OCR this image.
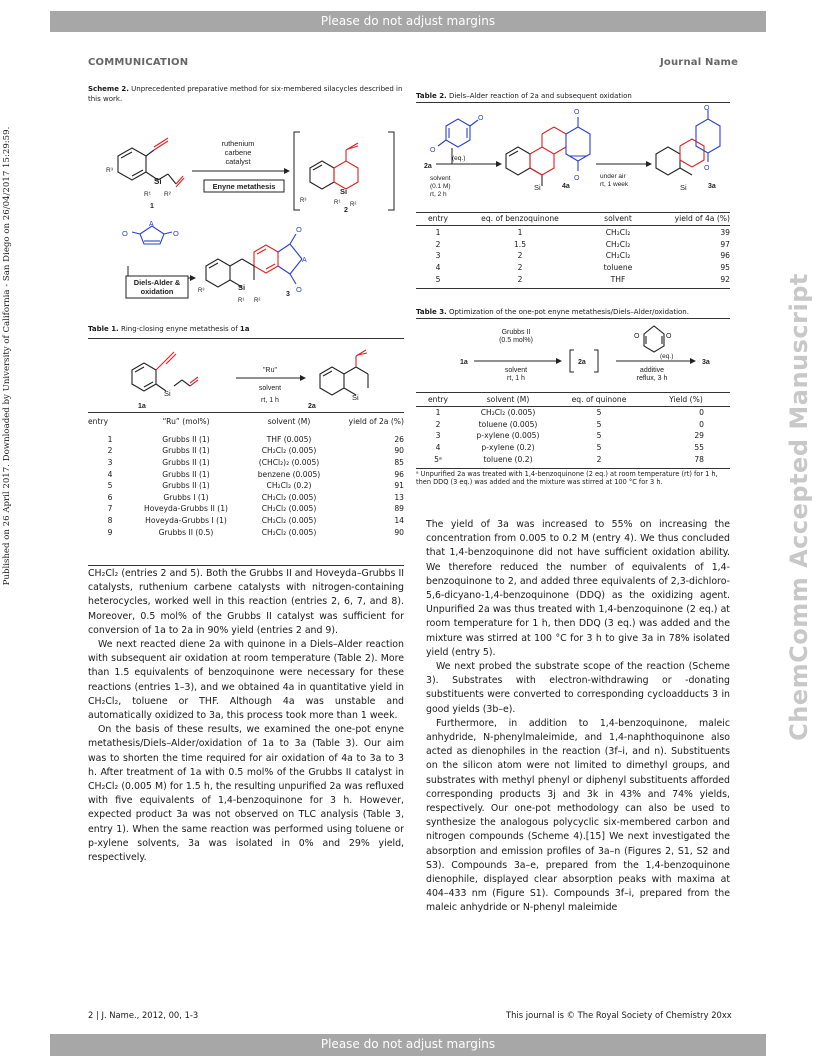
Please do not adjust margins
Please do not adjust margins
COMMUNICATION	Journal Name
Published on 26 April 2017. Downloaded by University of California - San Diego on 26/04/2017 15:29:59.	ChemComm Accepted Manuscript
Scheme 2. Unprecedented preparative method for six-membered silacycles described in this work.
Si
R³
R¹ R²
1
ruthenium
carbene
catalyst
Enyne metathesis
Si
R³	R¹ R²
2
O	O
A
Diels-Alder &
oxidation
O
O
A
Si
R³
R¹ R²
3
Table 1. Ring-closing enyne metathesis of 1a
Si
1a
"Ru"
solvent
rt, 1 h	Si
2a
entry	“Ru” (mol%)	solvent (M)	yield of 2a (%)

1	Grubbs II (1)	THF (0.005)	26
2	Grubbs II (1)	CH₂Cl₂ (0.005)	90
3	Grubbs II (1)	(CHCl₂)₂ (0.005)	85
4	Grubbs II (1)	benzene (0.005)	96
5	Grubbs II (1)	CH₂Cl₂ (0.2)	91
6	Grubbs I (1)	CH₂Cl₂ (0.005)	13
7	Hoveyda-Grubbs II (1)	CH₂Cl₂ (0.005)	89
8	Hoveyda-Grubbs I (1)	CH₂Cl₂ (0.005)	14
9	Grubbs II (0.5)	CH₂Cl₂ (0.005)	90

CH₂Cl₂ (entries 2 and 5). Both the Grubbs II and Hoveyda–Grubbs II catalysts, ruthenium carbene catalysts with nitrogen-containing heterocycles, worked well in this reaction (entries 2, 6, 7, and 8). Moreover, 0.5 mol% of the Grubbs II catalyst was sufficient for conversion of 1a to 2a in 90% yield (entries 2 and 9).

We next reacted diene 2a with quinone in a Diels–Alder reaction with subsequent air oxidation at room temperature (Table 2). More than 1.5 equivalents of benzoquinone were necessary for these reactions (entries 1–3), and we obtained 4a in quantitative yield in CH₂Cl₂, toluene or THF. Although 4a was unstable and automatically oxidized to 3a, this process took more than 1 week.

On the basis of these results, we examined the one-pot enyne metathesis/Diels–Alder/oxidation of 1a to 3a (Table 3). Our aim was to shorten the time required for air oxidation of 4a to 3a to 3 h. After treatment of 1a with 0.5 mol% of the Grubbs II catalyst in CH₂Cl₂ (0.005 M) for 1.5 h, the resulting unpurified 2a was refluxed with five equivalents of 1,4-benzoquinone for 3 h. However, expected product 3a was not observed on TLC analysis (Table 3, entry 1). When the same reaction was performed using toluene or p-xylene solvents, 3a was isolated in 0% and 29% yield, respectively.

Table 2. Diels–Alder reaction of 2a and subsequent oxidation
O
O
(eq.)
2a
solvent
(0.1 M)
rt, 2 h
O
O
Si	4a
under air
rt, 1 week
O
O
Si	3a
entry	eq. of benzoquinone	solvent	yield of 4a (%)
1	1	CH₂Cl₂	39
2	1.5	CH₂Cl₂	97
3	2	CH₂Cl₂	96
4	2	toluene	95
5	2	THF	92
Table 3. Optimization of the one-pot enyne metathesis/Diels–Alder/oxidation.
Grubbs II
(0.5 mol%)
1a
solvent
rt, 1 h
2a
O	O
(eq.)
additive
reflux, 3 h
3a
entry	solvent (M)	eq. of quinone	Yield (%)
1	CH₂Cl₂ (0.005)	5	0
2	toluene (0.005)	5	0
3	p-xylene (0.005)	5	29
4	p-xylene (0.2)	5	55
5ᵃ	toluene (0.2)	2	78
ᵃ Unpurified 2a was treated with 1,4-benzoquinone (2 eq.) at room temperature (rt) for 1 h, then DDQ (3 eq.) was added and the mixture was stirred at 100 °C for 3 h.

The yield of 3a was increased to 55% on increasing the concentration from 0.005 to 0.2 M (entry 4). We thus concluded that 1,4-benzoquinone did not have sufficient oxidation ability. We therefore reduced the number of equivalents of 1,4-benzoquinone to 2, and added three equivalents of 2,3-dichloro-5,6-dicyano-1,4-benzoquinone (DDQ) as the oxidizing agent. Unpurified 2a was thus treated with 1,4-benzoquinone (2 eq.) at room temperature for 1 h, then DDQ (3 eq.) was added and the mixture was stirred at 100 °C for 3 h to give 3a in 78% isolated yield (entry 5).

We next probed the substrate scope of the reaction (Scheme 3). Substrates with electron-withdrawing or -donating substituents were converted to corresponding cycloadducts 3 in good yields (3b–e).

Furthermore, in addition to 1,4-benzoquinone, maleic anhydride, N-phenylmaleimide, and 1,4-naphthoquinone also acted as dienophiles in the reaction (3f–i, and n). Substituents on the silicon atom were not limited to dimethyl groups, and substrates with methyl phenyl or diphenyl substituents afforded corresponding products 3j and 3k in 43% and 74% yields, respectively. Our one-pot methodology can also be used to synthesize the analogous polycyclic six-membered carbon and nitrogen compounds (Scheme 4).[15] We next investigated the absorption and emission profiles of 3a–n (Figures 2, S1, S2 and S3). Compounds 3a–e, prepared from the 1,4-benzoquinone dienophile, displayed clear absorption peaks with maxima at 404–433 nm (Figure S1). Compounds 3f–i, prepared from the maleic anhydride or N-phenyl maleimide

2 | J. Name., 2012, 00, 1-3	This journal is © The Royal Society of Chemistry 20xx
